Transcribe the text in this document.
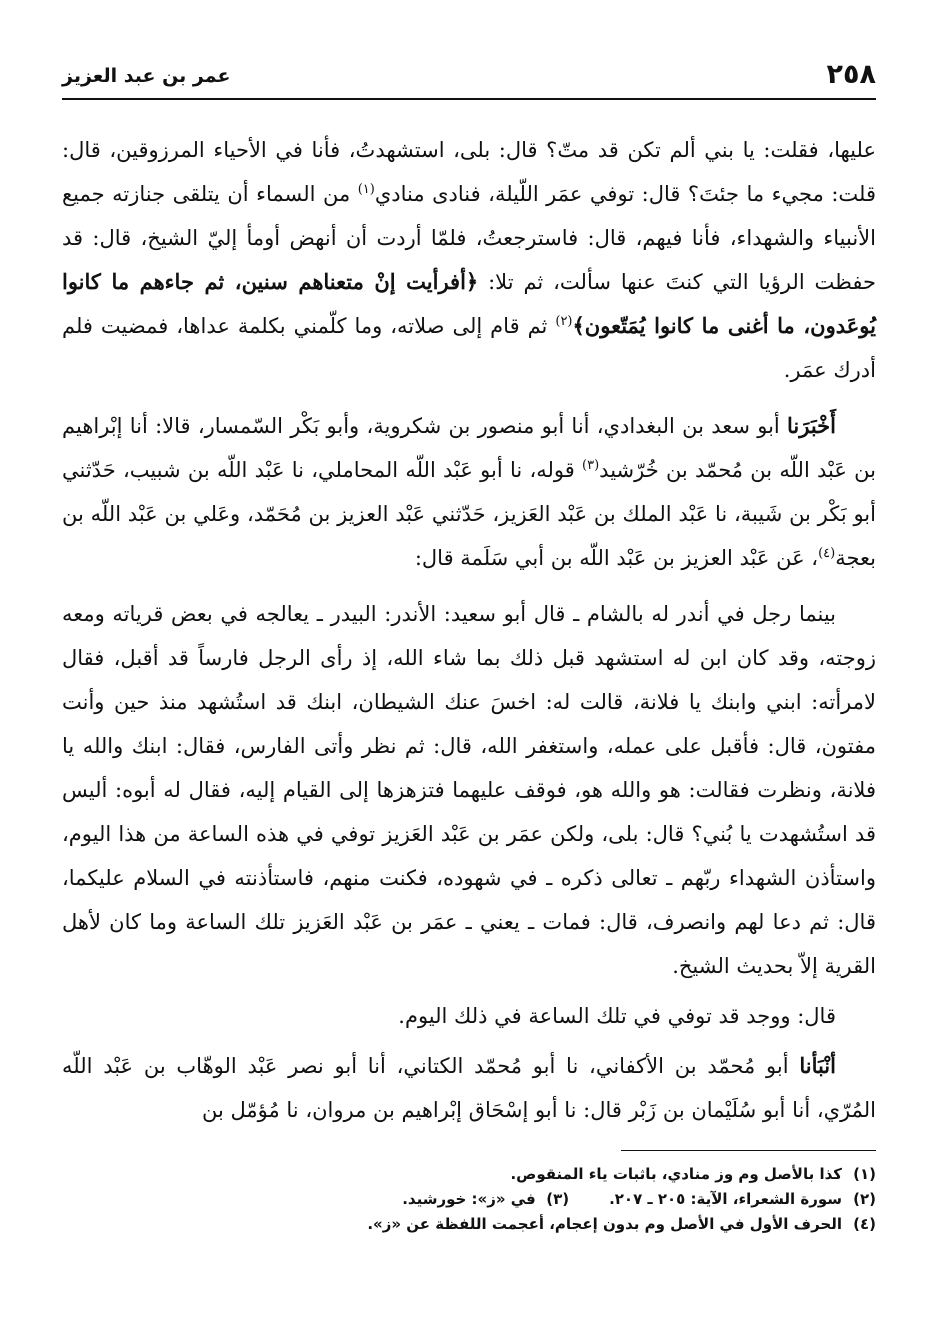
٢٥٨
عمر بن عبد العزيز

عليها، فقلت: يا بني ألم تكن قد متّ؟ قال: بلى، استشهدتُ، فأنا في الأحياء المرزوقين، قال: قلت: مجيء ما جئتَ؟ قال: توفي عمَر اللّيلة، فنادى منادي$^{(١)}$ من السماء أن يتلقى جنازته جميع الأنبياء والشهداء، فأنا فيهم، قال: فاسترجعتُ، فلمّا أردت أن أنهض أومأ إليّ الشيخ، قال: قد حفظت الرؤيا التي كنتَ عنها سألت، ثم تلا: ﴿أفرأيت إنْ متعناهم سنين، ثم جاءهم ما كانوا يُوعَدون، ما أغنى ما كانوا يُمَتّعون﴾$^{(٢)}$ ثم قام إلى صلاته، وما كلّمني بكلمة عداها، فمضيت فلم أدرك عمَر.

أَخْبَرَنا أبو سعد بن البغدادي، أنا أبو منصور بن شكروية، وأبو بَكْر السّمسار، قالا: أنا إبْراهيم بن عَبْد اللّه بن مُحمّد بن خُرّشيد$^{(٣)}$ قوله، نا أبو عَبْد اللّه المحاملي، نا عَبْد اللّه بن شبيب، حَدّثني أبو بَكْر بن شَيبة، نا عَبْد الملك بن عَبْد العَزيز، حَدّثني عَبْد العزيز بن مُحَمّد، وعَلي بن عَبْد اللّه بن بعجة$^{(٤)}$، عَن عَبْد العزيز بن عَبْد اللّه بن أبي سَلَمة قال:

بينما رجل في أندر له بالشام ـ قال أبو سعيد: الأندر: البيدر ـ يعالجه في بعض قرياته ومعه زوجته، وقد كان ابن له استشهد قبل ذلك بما شاء الله، إذ رأى الرجل فارساً قد أقبل، فقال لامرأته: ابني وابنك يا فلانة، قالت له: اخسَ عنك الشيطان، ابنك قد استُشهد منذ حين وأنت مفتون، قال: فأقبل على عمله، واستغفر الله، قال: ثم نظر وأتى الفارس، فقال: ابنك والله يا فلانة، ونظرت فقالت: هو والله هو، فوقف عليهما فتزهزها إلى القيام إليه، فقال له أبوه: أليس قد استُشهدت يا بُني؟ قال: بلى، ولكن عمَر بن عَبْد العَزيز توفي في هذه الساعة من هذا اليوم، واستأذن الشهداء ربّهم ـ تعالى ذكره ـ في شهوده، فكنت منهم، فاستأذنته في السلام عليكما، قال: ثم دعا لهم وانصرف، قال: فمات ـ يعني ـ عمَر بن عَبْد العَزيز تلك الساعة وما كان لأهل القرية إلاّ بحديث الشيخ.

قال: ووجد قد توفي في تلك الساعة في ذلك اليوم.

أنْبَأنا أبو مُحمّد بن الأكفاني، نا أبو مُحمّد الكتاني، أنا أبو نصر عَبْد الوهّاب بن عَبْد اللّه المُرّي، أنا أبو سُلَيْمان بن زَبْر قال: نا أبو إسْحَاق إبْراهيم بن مروان، نا مُؤمّل بن

(١)كذا بالأصل وم وز منادي، باثبات ياء المنقوص.
(٢)سورة الشعراء، الآية: ٢٠٥ ـ ٢٠٧.(٣)  في «ز»: خورشيد.
(٤)الحرف الأول في الأصل وم بدون إعجام، أعجمت اللفظة عن «ز».
